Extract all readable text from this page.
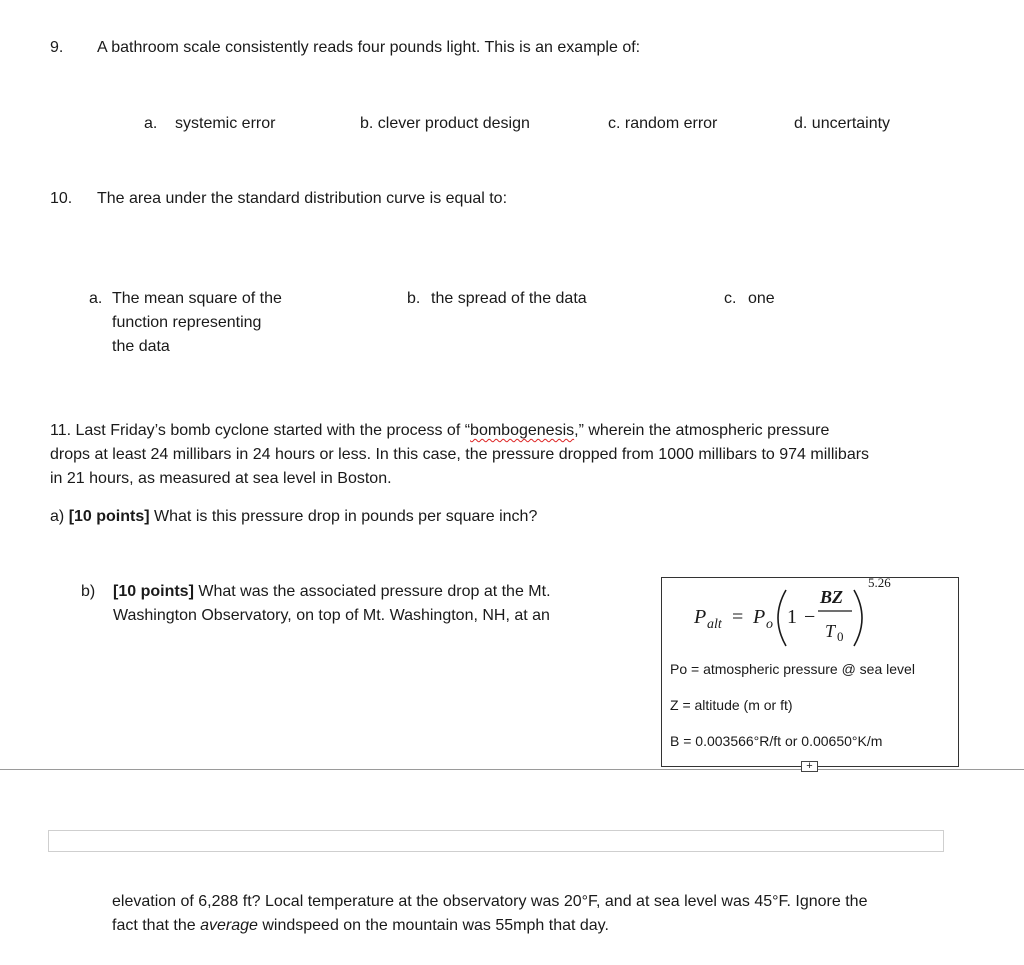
9. A bathroom scale consistently reads four pounds light. This is an example of:
a. systemic error	b. clever product design	c. random error	d. uncertainty
10. The area under the standard distribution curve is equal to:
a. The mean square of the
function representing
the data
b. the spread of the data	c. one
11. Last Friday’s bomb cyclone started with the process of “bombogenesis,” wherein the atmospheric pressure
drops at least 24 millibars in 24 hours or less. In this case, the pressure dropped from 1000 millibars to 974 millibars
in 21 hours, as measured at sea level in Boston.
a) [10 points] What is this pressure drop in pounds per square inch?
b) [10 points] What was the associated pressure drop at the Mt.
Washington Observatory, on top of Mt. Washington, NH, at an	P alt = P o 1 −
BZ
T 0
5.26
Po = atmospheric pressure @ sea level
Z = altitude (m or ft)
B = 0.003566°R/ft or 0.00650°K/m
+
elevation of 6,288 ft? Local temperature at the observatory was 20°F, and at sea level was 45°F. Ignore the
fact that the average windspeed on the mountain was 55mph that day.
